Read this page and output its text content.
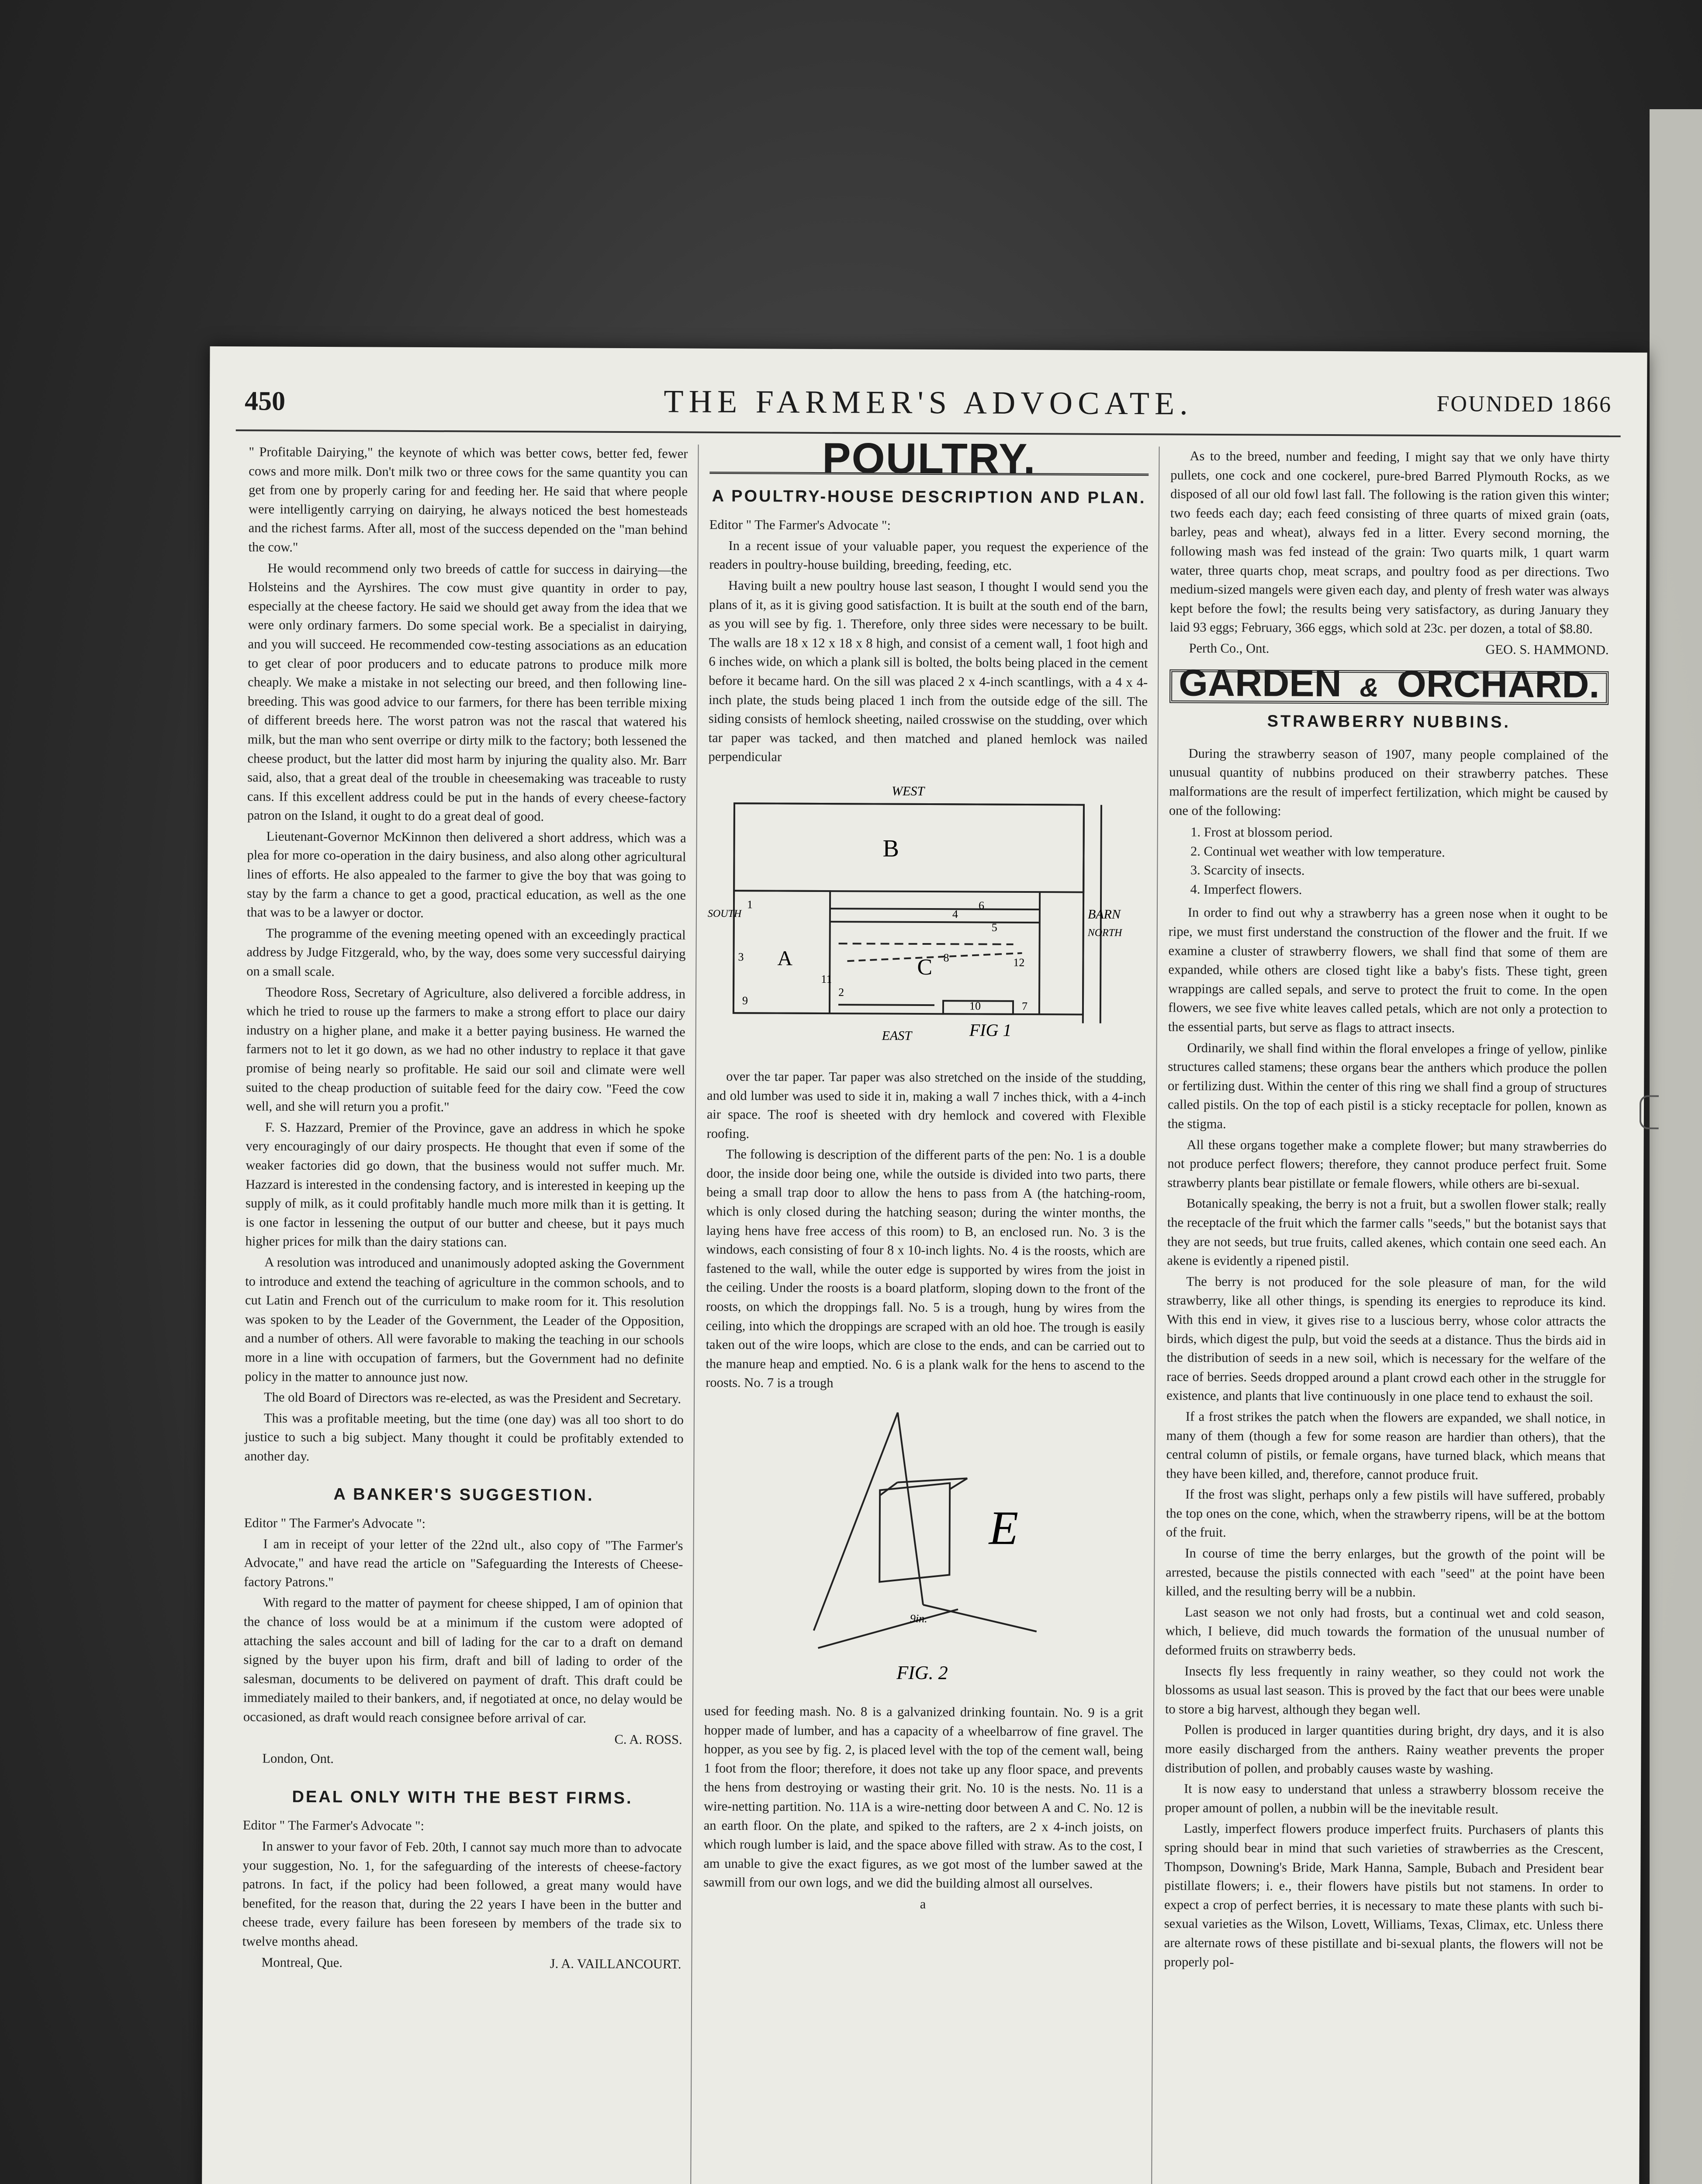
450	THE FARMER'S ADVOCATE.	FOUNDED 1866

" Profitable Dairying," the keynote of which was better cows, better fed, fewer cows and more milk. Don't milk two or three cows for the same quantity you can get from one by properly caring for and feeding her. He said that where people were intelligently carrying on dairying, he always noticed the best homesteads and the richest farms. After all, most of the success depended on the "man behind the cow."

He would recommend only two breeds of cattle for success in dairying—the Holsteins and the Ayrshires. The cow must give quantity in order to pay, especially at the cheese factory. He said we should get away from the idea that we were only ordinary farmers. Do some special work. Be a specialist in dairying, and you will succeed. He recommended cow-testing associations as an education to get clear of poor producers and to educate patrons to produce milk more cheaply. We make a mistake in not selecting our breed, and then following line-breeding. This was good advice to our farmers, for there has been terrible mixing of different breeds here. The worst patron was not the rascal that watered his milk, but the man who sent overripe or dirty milk to the factory; both lessened the cheese product, but the latter did most harm by injuring the quality also. Mr. Barr said, also, that a great deal of the trouble in cheesemaking was traceable to rusty cans. If this excellent address could be put in the hands of every cheese-factory patron on the Island, it ought to do a great deal of good.

Lieutenant-Governor McKinnon then delivered a short address, which was a plea for more co-operation in the dairy business, and also along other agricultural lines of efforts. He also appealed to the farmer to give the boy that was going to stay by the farm a chance to get a good, practical education, as well as the one that was to be a lawyer or doctor.

The programme of the evening meeting opened with an exceedingly practical address by Judge Fitzgerald, who, by the way, does some very successful dairying on a small scale.

Theodore Ross, Secretary of Agriculture, also delivered a forcible address, in which he tried to rouse up the farmers to make a strong effort to place our dairy industry on a higher plane, and make it a better paying business. He warned the farmers not to let it go down, as we had no other industry to replace it that gave promise of being nearly so profitable. He said our soil and climate were well suited to the cheap production of suitable feed for the dairy cow. "Feed the cow well, and she will return you a profit."

F. S. Hazzard, Premier of the Province, gave an address in which he spoke very encouragingly of our dairy prospects. He thought that even if some of the weaker factories did go down, that the business would not suffer much. Mr. Hazzard is interested in the condensing factory, and is interested in keeping up the supply of milk, as it could profitably handle much more milk than it is getting. It is one factor in lessening the output of our butter and cheese, but it pays much higher prices for milk than the dairy stations can.

A resolution was introduced and unanimously adopted asking the Government to introduce and extend the teaching of agriculture in the common schools, and to cut Latin and French out of the curriculum to make room for it. This resolution was spoken to by the Leader of the Government, the Leader of the Opposition, and a number of others. All were favorable to making the teaching in our schools more in a line with occupation of farmers, but the Government had no definite policy in the matter to announce just now.

The old Board of Directors was re-elected, as was the President and Secretary.

This was a profitable meeting, but the time (one day) was all too short to do justice to such a big subject. Many thought it could be profitably extended to another day.

A BANKER'S SUGGESTION.

Editor " The Farmer's Advocate ":

I am in receipt of your letter of the 22nd ult., also copy of "The Farmer's Advocate," and have read the article on "Safeguarding the Interests of Cheese-factory Patrons."

With regard to the matter of payment for cheese shipped, I am of opinion that the chance of loss would be at a minimum if the custom were adopted of attaching the sales account and bill of lading for the car to a draft on demand signed by the buyer upon his firm, draft and bill of lading to order of the salesman, documents to be delivered on payment of draft. This draft could be immediately mailed to their bankers, and, if negotiated at once, no delay would be occasioned, as draft would reach consignee before arrival of car.

C. A. ROSS.

London, Ont.

DEAL ONLY WITH THE BEST FIRMS.

Editor " The Farmer's Advocate ":

In answer to your favor of Feb. 20th, I cannot say much more than to advocate your suggestion, No. 1, for the safeguarding of the interests of cheese-factory patrons. In fact, if the policy had been followed, a great many would have benefited, for the reason that, during the 22 years I have been in the butter and cheese trade, every failure has been foreseen by members of the trade six to twelve months ahead.

Montreal, Que.	J. A. VAILLANCOURT.
POULTRY.
A POULTRY-HOUSE DESCRIPTION AND PLAN.

Editor " The Farmer's Advocate ":

In a recent issue of your valuable paper, you request the experience of the readers in poultry-house building, breeding, feeding, etc.

Having built a new poultry house last season, I thought I would send you the plans of it, as it is giving good satisfaction. It is built at the south end of the barn, as you will see by fig. 1. Therefore, only three sides were necessary to be built. The walls are 18 x 12 x 18 x 8 high, and consist of a cement wall, 1 foot high and 6 inches wide, on which a plank sill is bolted, the bolts being placed in the cement before it became hard. On the sill was placed 2 x 4-inch scantlings, with a 4 x 4-inch plate, the studs being placed 1 inch from the outside edge of the sill. The siding consists of hemlock sheeting, nailed crosswise on the studding, over which tar paper was tacked, and then matched and planed hemlock was nailed perpendicular

WEST
EAST
SOUTH
NORTH
BARN
A
B
C
1
2
3
4
5
6
7
8
9	10
11
12
FIG 1

over the tar paper. Tar paper was also stretched on the inside of the studding, and old lumber was used to side it in, making a wall 7 inches thick, with a 4-inch air space. The roof is sheeted with dry hemlock and covered with Flexible roofing.

The following is description of the different parts of the pen: No. 1 is a double door, the inside door being one, while the outside is divided into two parts, there being a small trap door to allow the hens to pass from A (the hatching-room, which is only closed during the hatching season; during the winter months, the laying hens have free access of this room) to B, an enclosed run. No. 3 is the windows, each consisting of four 8 x 10-inch lights. No. 4 is the roosts, which are fastened to the wall, while the outer edge is supported by wires from the joist in the ceiling. Under the roosts is a board platform, sloping down to the front of the roosts, on which the droppings fall. No. 5 is a trough, hung by wires from the ceiling, into which the droppings are scraped with an old hoe. The trough is easily taken out of the wire loops, which are close to the ends, and can be carried out to the manure heap and emptied. No. 6 is a plank walk for the hens to ascend to the roosts. No. 7 is a trough

E
9in.
FIG. 2

used for feeding mash. No. 8 is a galvanized drinking fountain. No. 9 is a grit hopper made of lumber, and has a capacity of a wheelbarrow of fine gravel. The hopper, as you see by fig. 2, is placed level with the top of the cement wall, being 1 foot from the floor; therefore, it does not take up any floor space, and prevents the hens from destroying or wasting their grit. No. 10 is the nests. No. 11 is a wire-netting partition. No. 11A is a wire-netting door between A and C. No. 12 is an earth floor. On the plate, and spiked to the rafters, are 2 x 4-inch joists, on which rough lumber is laid, and the space above filled with straw. As to the cost, I am unable to give the exact figures, as we got most of the lumber sawed at the sawmill from our own logs, and we did the building almost all ourselves.

a

As to the breed, number and feeding, I might say that we only have thirty pullets, one cock and one cockerel, pure-bred Barred Plymouth Rocks, as we disposed of all our old fowl last fall. The following is the ration given this winter; two feeds each day; each feed consisting of three quarts of mixed grain (oats, barley, peas and wheat), always fed in a litter. Every second morning, the following mash was fed instead of the grain: Two quarts milk, 1 quart warm water, three quarts chop, meat scraps, and poultry food as per directions. Two medium-sized mangels were given each day, and plenty of fresh water was always kept before the fowl; the results being very satisfactory, as during January they laid 93 eggs; February, 366 eggs, which sold at 23c. per dozen, a total of $8.80.

Perth Co., Ont.	GEO. S. HAMMOND.
GARDEN & ORCHARD.
STRAWBERRY NUBBINS.

During the strawberry season of 1907, many people complained of the unusual quantity of nubbins produced on their strawberry patches. These malformations are the result of imperfect fertilization, which might be caused by one of the following:

1. Frost at blossom period.
2. Continual wet weather with low temperature.
3. Scarcity of insects.
4. Imperfect flowers.

In order to find out why a strawberry has a green nose when it ought to be ripe, we must first understand the construction of the flower and the fruit. If we examine a cluster of strawberry flowers, we shall find that some of them are expanded, while others are closed tight like a baby's fists. These tight, green wrappings are called sepals, and serve to protect the fruit to come. In the open flowers, we see five white leaves called petals, which are not only a protection to the essential parts, but serve as flags to attract insects.

Ordinarily, we shall find within the floral envelopes a fringe of yellow, pinlike structures called stamens; these organs bear the anthers which produce the pollen or fertilizing dust. Within the center of this ring we shall find a group of structures called pistils. On the top of each pistil is a sticky receptacle for pollen, known as the stigma.

All these organs together make a complete flower; but many strawberries do not produce perfect flowers; therefore, they cannot produce perfect fruit. Some strawberry plants bear pistillate or female flowers, while others are bi-sexual.

Botanically speaking, the berry is not a fruit, but a swollen flower stalk; really the receptacle of the fruit which the farmer calls "seeds," but the botanist says that they are not seeds, but true fruits, called akenes, which contain one seed each. An akene is evidently a ripened pistil.

The berry is not produced for the sole pleasure of man, for the wild strawberry, like all other things, is spending its energies to reproduce its kind. With this end in view, it gives rise to a luscious berry, whose color attracts the birds, which digest the pulp, but void the seeds at a distance. Thus the birds aid in the distribution of seeds in a new soil, which is necessary for the welfare of the race of berries. Seeds dropped around a plant crowd each other in the struggle for existence, and plants that live continuously in one place tend to exhaust the soil.

If a frost strikes the patch when the flowers are expanded, we shall notice, in many of them (though a few for some reason are hardier than others), that the central column of pistils, or female organs, have turned black, which means that they have been killed, and, therefore, cannot produce fruit.

If the frost was slight, perhaps only a few pistils will have suffered, probably the top ones on the cone, which, when the strawberry ripens, will be at the bottom of the fruit.

In course of time the berry enlarges, but the growth of the point will be arrested, because the pistils connected with each "seed" at the point have been killed, and the resulting berry will be a nubbin.

Last season we not only had frosts, but a continual wet and cold season, which, I believe, did much towards the formation of the unusual number of deformed fruits on strawberry beds.

Insects fly less frequently in rainy weather, so they could not work the blossoms as usual last season. This is proved by the fact that our bees were unable to store a big harvest, although they began well.

Pollen is produced in larger quantities during bright, dry days, and it is also more easily discharged from the anthers. Rainy weather prevents the proper distribution of pollen, and probably causes waste by washing.

It is now easy to understand that unless a strawberry blossom receive the proper amount of pollen, a nubbin will be the inevitable result.

Lastly, imperfect flowers produce imperfect fruits. Purchasers of plants this spring should bear in mind that such varieties of strawberries as the Crescent, Thompson, Downing's Bride, Mark Hanna, Sample, Bubach and President bear pistillate flowers; i. e., their flowers have pistils but not stamens. In order to expect a crop of perfect berries, it is necessary to mate these plants with such bi-sexual varieties as the Wilson, Lovett, Williams, Texas, Climax, etc. Unless there are alternate rows of these pistillate and bi-sexual plants, the flowers will not be properly pol-
